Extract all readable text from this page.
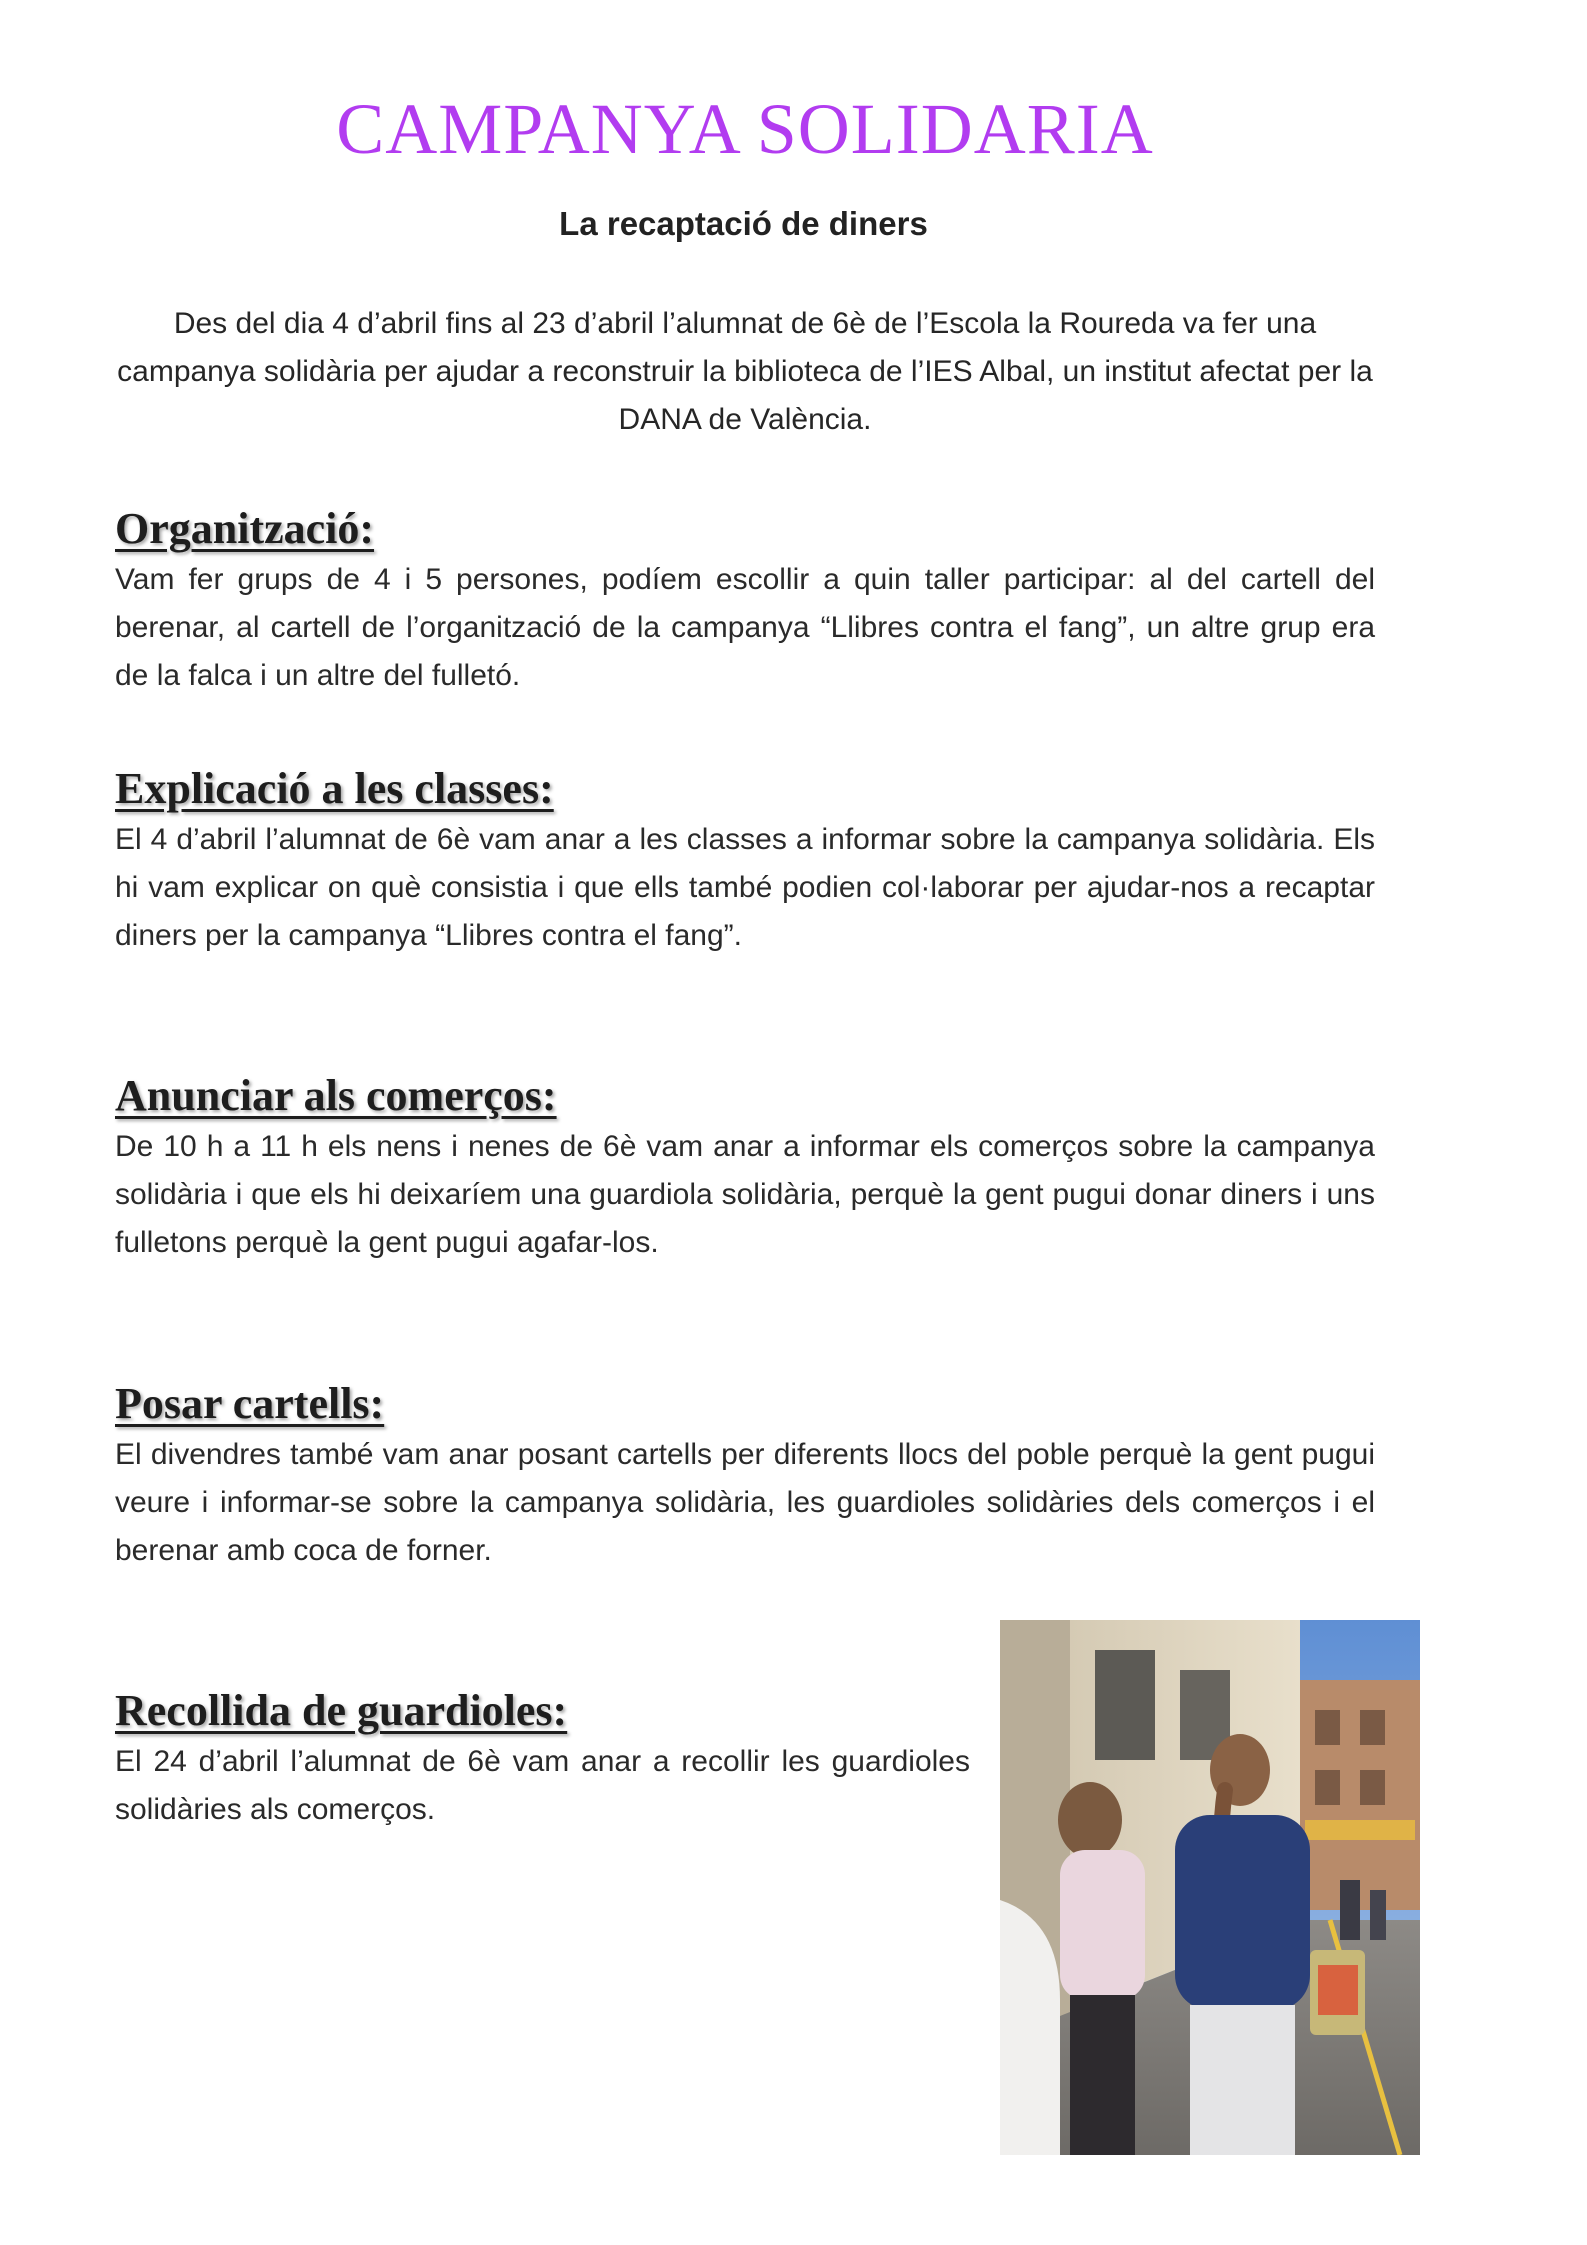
CAMPANYA SOLIDARIA
La recaptació de diners

Des del dia 4 d’abril fins al 23 d’abril l’alumnat de 6è de l’Escola la Roureda va fer una campanya solidària per ajudar a reconstruir la biblioteca de l’IES Albal, un institut afectat per la DANA de València.

Organització:

Vam fer grups de 4 i 5 persones, podíem escollir a quin taller participar: al del cartell del berenar, al cartell de l’organització de la campanya “Llibres contra el fang”, un altre grup era de la falca i un altre del fulletó.

Explicació a les classes:

El 4 d’abril l’alumnat de 6è vam anar a les classes a informar sobre la campanya solidària. Els hi vam explicar on què consistia i que ells també podien col·laborar per ajudar-nos a recaptar diners per la campanya “Llibres contra el fang”.

Anunciar als comerços:

De 10 h a 11 h els nens i nenes de 6è vam anar a informar els comerços sobre la campanya solidària i que els hi deixaríem una guardiola solidària, perquè la gent pugui donar diners i uns fulletons perquè la gent pugui agafar-los.

Posar cartells:

El divendres també vam anar posant cartells per diferents llocs del poble perquè la gent pugui veure i informar-se sobre la campanya solidària, les guardioles solidàries dels comerços i el berenar amb coca de forner.

Recollida de guardioles:

El 24 d’abril l’alumnat de 6è vam anar a recollir les guardioles solidàries als comerços.
